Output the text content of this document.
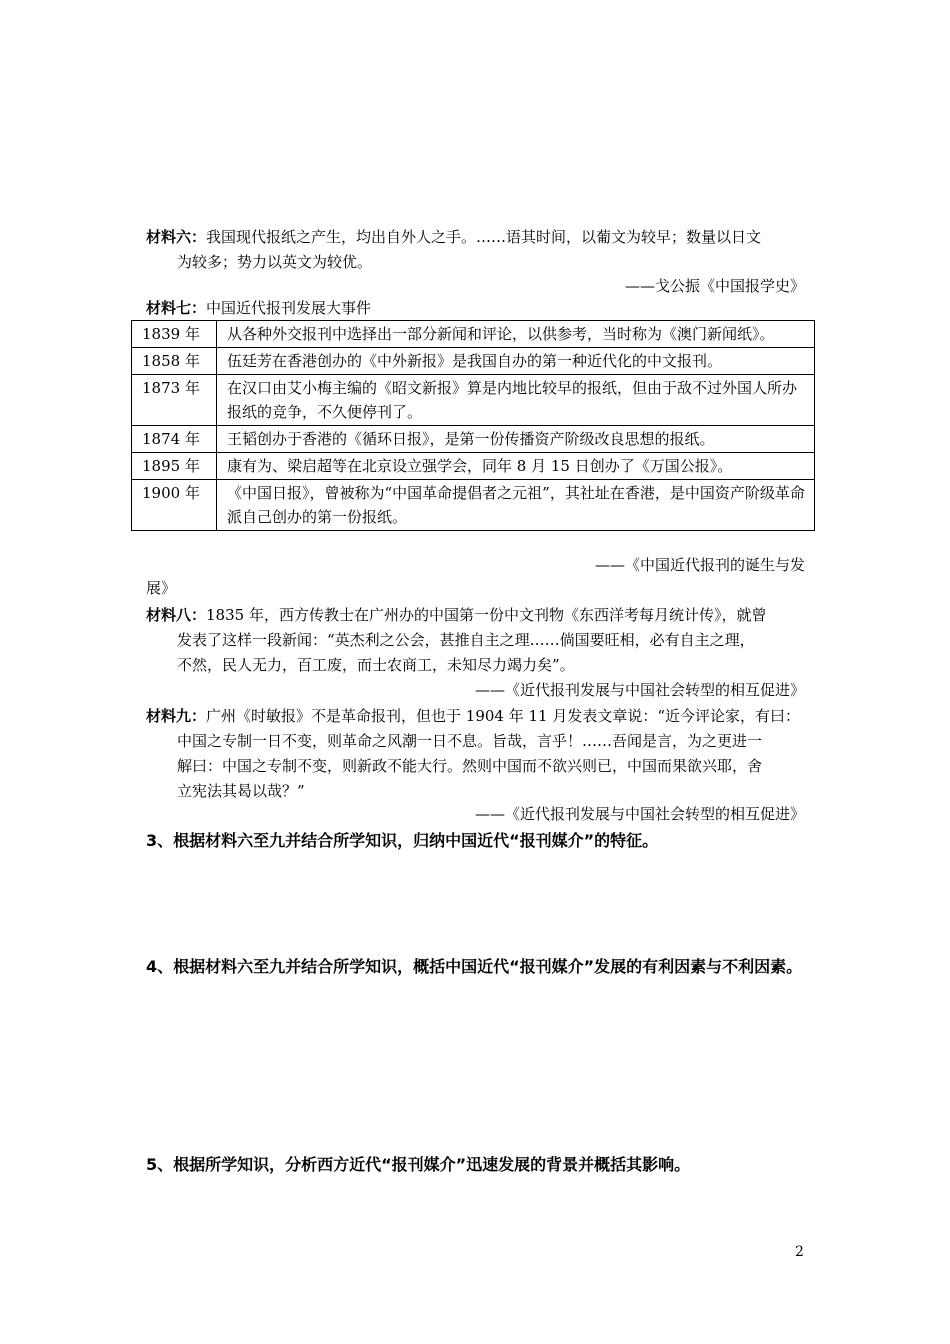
材料六：我国现代报纸之产生，均出自外人之手。……语其时间，以葡文为较早；数量以日文
为较多；势力以英文为较优。
——戈公振《中国报学史》
材料七：中国近代报刊发展大事件
1839 年	从各种外交报刊中选择出一部分新闻和评论，以供参考，当时称为《澳门新闻纸》。
1858 年	伍廷芳在香港创办的《中外新报》是我国自办的第一种近代化的中文报刊。
1873 年	在汉口由艾小梅主编的《昭文新报》算是内地比较早的报纸，但由于敌不过外国人所办报纸的竞争，不久便停刊了。
1874 年	王韬创办于香港的《循环日报》，是第一份传播资产阶级改良思想的报纸。
1895 年	康有为、梁启超等在北京设立强学会，同年 8 月 15 日创办了《万国公报》。
1900 年	《中国日报》，曾被称为“中国革命提倡者之元祖”，其社址在香港，是中国资产阶级革命派自己创办的第一份报纸。
——《中国近代报刊的诞生与发
展》
材料八：1835 年，西方传教士在广州办的中国第一份中文刊物《东西洋考每月统计传》，就曾
发表了这样一段新闻：“英杰利之公会，甚推自主之理……倘国要旺相，必有自主之理，
不然，民人无力，百工废，而士农商工，未知尽力竭力矣”。
——《近代报刊发展与中国社会转型的相互促进》
材料九：广州《时敏报》不是革命报刊，但也于 1904 年 11 月发表文章说：“近今评论家，有曰：
中国之专制一日不变，则革命之风潮一日不息。旨哉，言乎！……吾闻是言，为之更进一
解曰：中国之专制不变，则新政不能大行。然则中国而不欲兴则已，中国而果欲兴耶，舍
立宪法其曷以哉？”
——《近代报刊发展与中国社会转型的相互促进》
3、根据材料六至九并结合所学知识，归纳中国近代“报刊媒介”的特征。
4、根据材料六至九并结合所学知识，概括中国近代“报刊媒介”发展的有利因素与不利因素。
5、根据所学知识，分析西方近代“报刊媒介”迅速发展的背景并概括其影响。
2
